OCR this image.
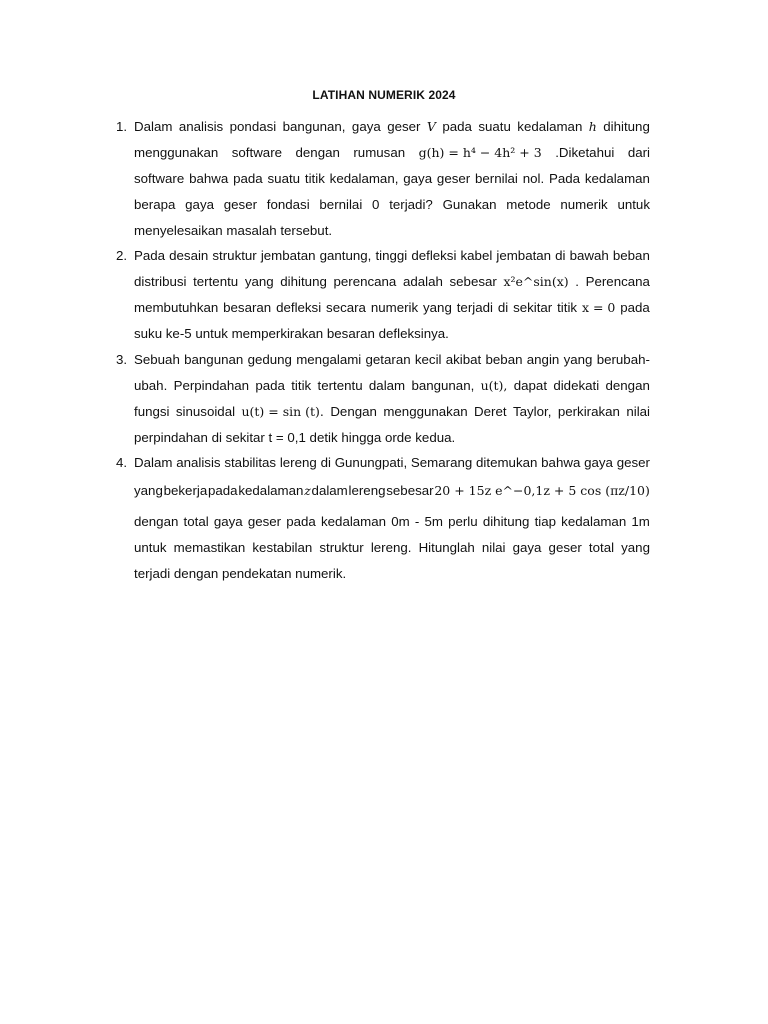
LATIHAN NUMERIK 2024
1. Dalam analisis pondasi bangunan, gaya geser V pada suatu kedalaman h dihitung
menggunakan software dengan rumusan g(h) = h⁴ − 4h² + 3 .Diketahui dari
software bahwa pada suatu titik kedalaman, gaya geser bernilai nol. Pada kedalaman
berapa gaya geser fondasi bernilai 0 terjadi? Gunakan metode numerik untuk
menyelesaikan masalah tersebut.
2. Pada desain struktur jembatan gantung, tinggi defleksi kabel jembatan di bawah beban
distribusi tertentu yang dihitung perencana adalah sebesar x²e^sin(x) . Perencana
membutuhkan besaran defleksi secara numerik yang terjadi di sekitar titik x = 0 pada
suku ke-5 untuk memperkirakan besaran defleksinya.
3. Sebuah bangunan gedung mengalami getaran kecil akibat beban angin yang berubah-
ubah. Perpindahan pada titik tertentu dalam bangunan, u(t), dapat didekati dengan
fungsi sinusoidal u(t) = sin (t). Dengan menggunakan Deret Taylor, perkirakan nilai
perpindahan di sekitar t = 0,1 detik hingga orde kedua.
4. Dalam analisis stabilitas lereng di Gunungpati, Semarang ditemukan bahwa gaya geser
yang bekerja pada kedalaman z dalam lereng sebesar 20 + 15z e^−0,1z + 5 cos (πz/10)
dengan total gaya geser pada kedalaman 0m - 5m perlu dihitung tiap kedalaman 1m
untuk memastikan kestabilan struktur lereng. Hitunglah nilai gaya geser total yang
terjadi dengan pendekatan numerik.
